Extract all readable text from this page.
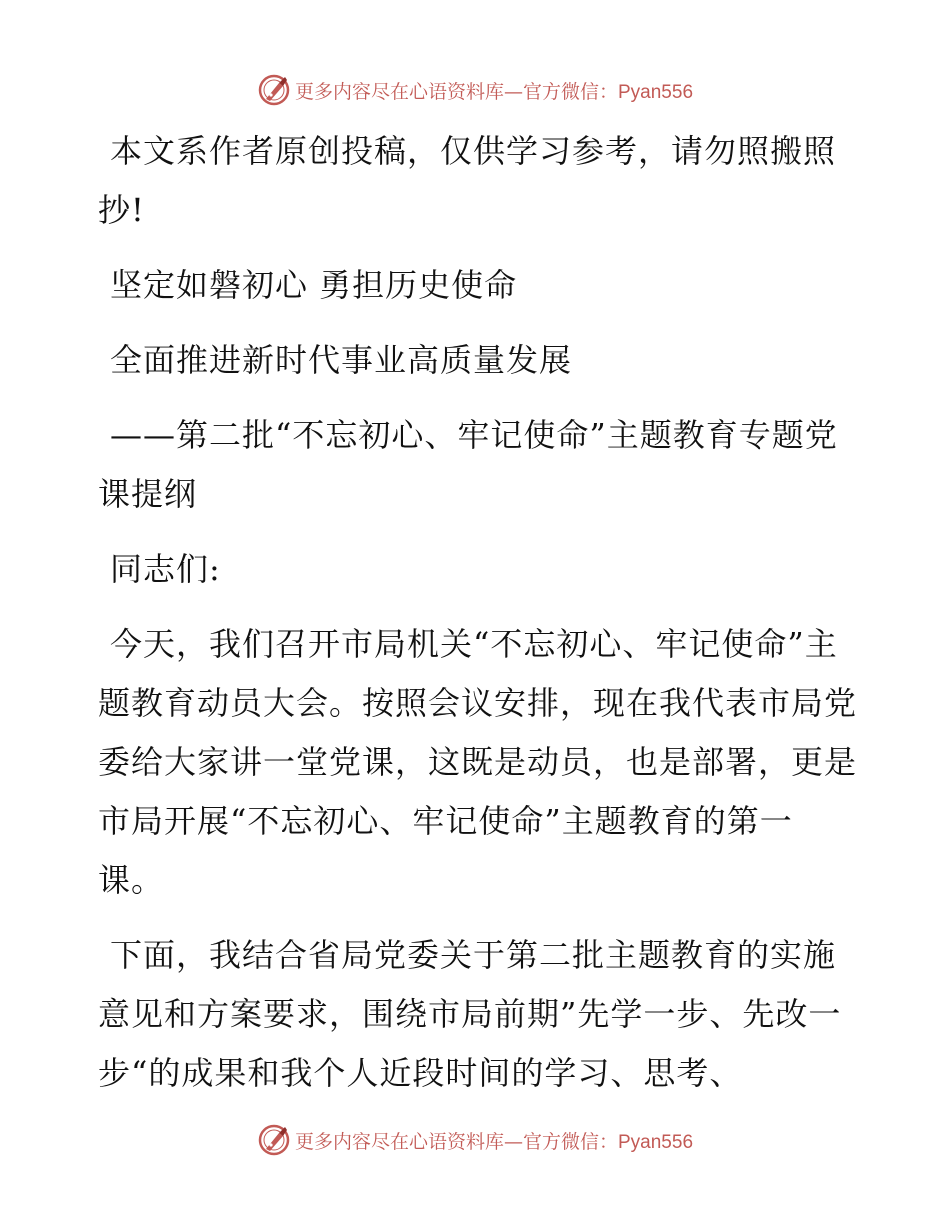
更多内容尽在心语资料库—官方微信：Pyan556

本文系作者原创投稿，仅供学习参考，请勿照搬照抄!

坚定如磐初心 勇担历史使命

全面推进新时代事业高质量发展

——第二批“不忘初心、牢记使命”主题教育专题党课提纲

同志们:

今天，我们召开市局机关“不忘初心、牢记使命”主题教育动员大会。按照会议安排，现在我代表市局党委给大家讲一堂党课，这既是动员，也是部署，更是市局开展“不忘初心、牢记使命”主题教育的第一课。

下面，我结合省局党委关于第二批主题教育的实施意见和方案要求，围绕市局前期”先学一步、先改一步“的成果和我个人近段时间的学习、思考、

更多内容尽在心语资料库—官方微信：Pyan556
